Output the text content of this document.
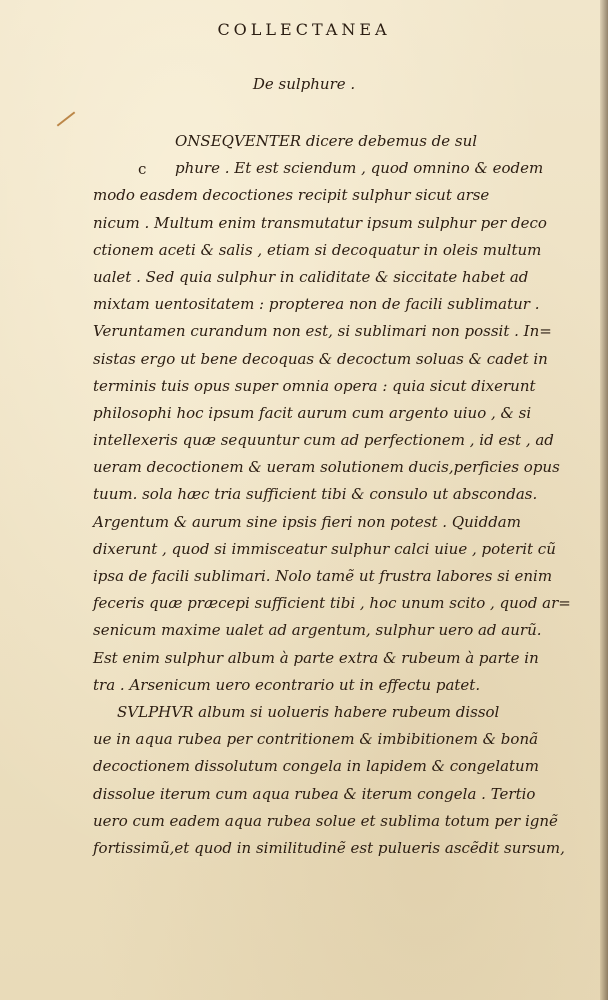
COLLECTANEA
De sulphure .
c
ONSEQVENTER dicere debemus de sul
phure . Et est sciendum , quod omnino & eodem
modo easdem decoctiones recipit sulphur sicut arse
nicum . Multum enim transmutatur ipsum sulphur per deco
ctionem aceti & salis , etiam si decoquatur in oleis multum
ualet . Sed quia sulphur in caliditate & siccitate habet ad
mixtam uentositatem : propterea non de facili sublimatur .
Veruntamen curandum non est, si sublimari non possit . In=
sistas ergo ut bene decoquas & decoctum soluas & cadet in
terminis tuis opus super omnia opera : quia sicut dixerunt
philosophi hoc ipsum facit aurum cum argento uiuo , & si
intellexeris quæ sequuntur cum ad perfectionem , id est , ad
ueram decoctionem & ueram solutionem ducis,perficies opus
tuum. sola hæc tria sufficient tibi & consulo ut abscondas.
Argentum & aurum sine ipsis fieri non potest . Quiddam
dixerunt , quod si immisceatur sulphur calci uiue , poterit cũ
ipsa de facili sublimari. Nolo tamẽ ut frustra labores si enim
feceris quæ præcepi sufficient tibi , hoc unum scito , quod ar=
senicum maxime ualet ad argentum, sulphur uero ad aurũ.
Est enim sulphur album à parte extra & rubeum à parte in
tra . Arsenicum uero econtrario ut in effectu patet.
SVLPHVR album si uolueris habere rubeum dissol
ue in aqua rubea per contritionem & imbibitionem & bonã
decoctionem dissolutum congela in lapidem & congelatum
dissolue iterum cum aqua rubea & iterum congela . Tertio
uero cum eadem aqua rubea solue et sublima totum per ignẽ
fortissimũ,et quod in similitudinẽ est pulueris ascẽdit sursum,
